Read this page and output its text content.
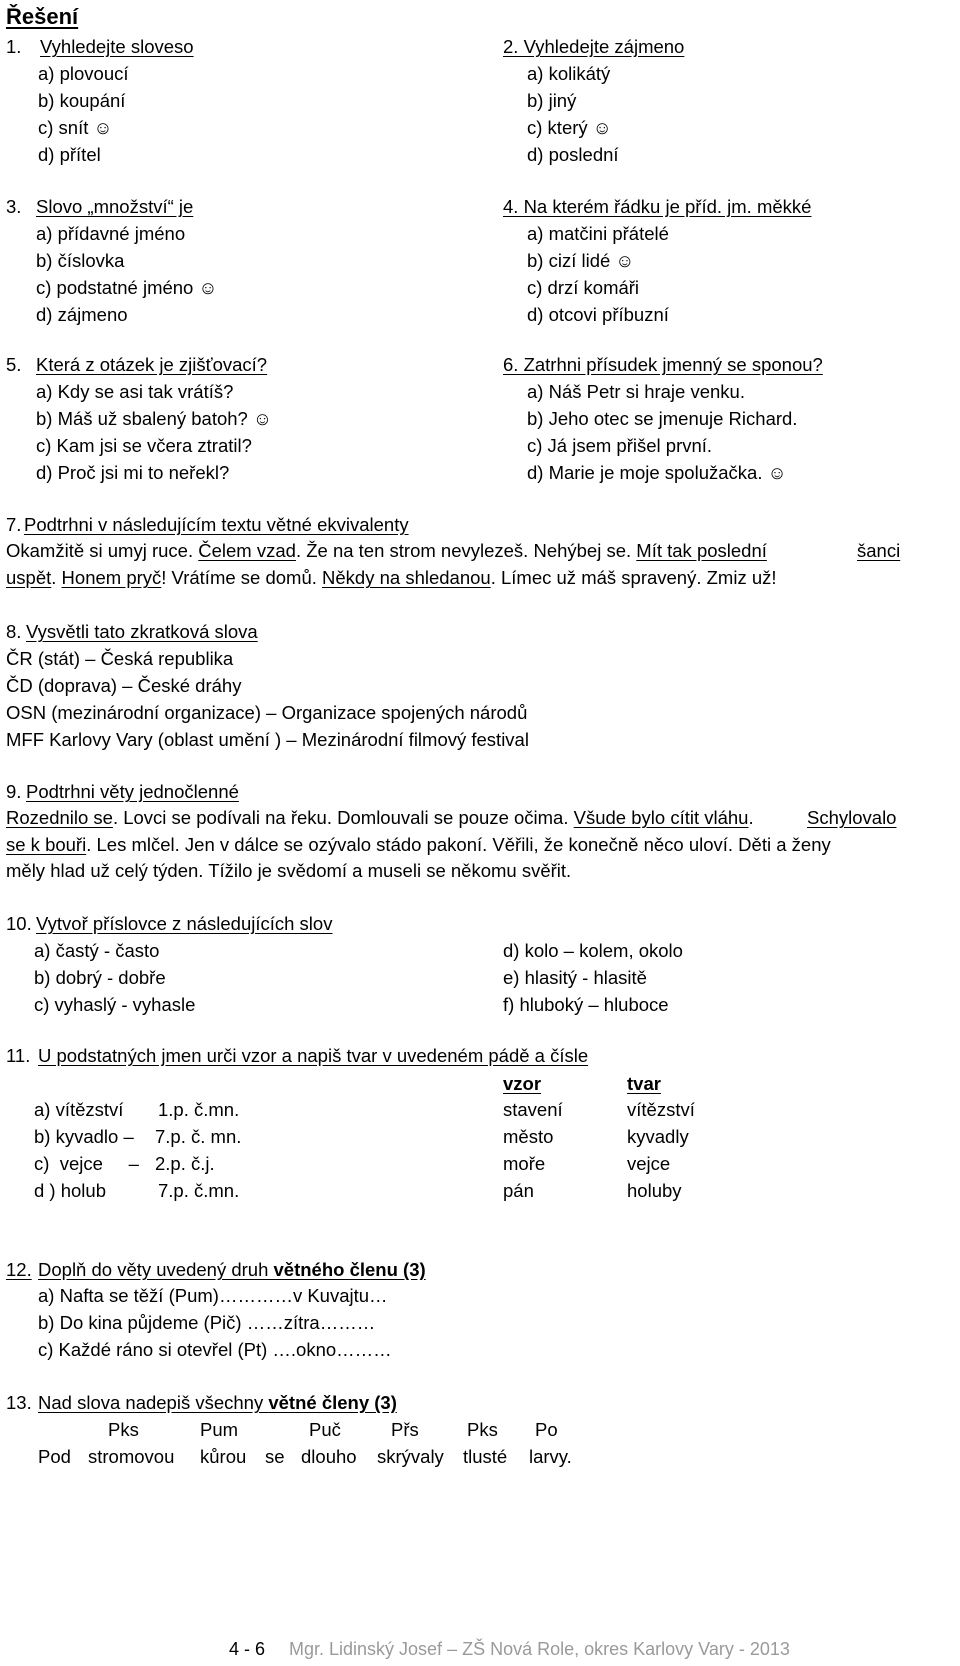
Řešení
1. Vyhledejte sloveso
a) plovoucí
b) koupání
c) snít ☺
d) přítel
2. Vyhledejte zájmeno
a) kolikátý
b) jiný
c) který ☺
d) poslední
3. Slovo „množství“ je
a) přídavné jméno
b) číslovka
c) podstatné jméno ☺
d) zájmeno
4. Na kterém řádku je příd. jm. měkké
a) matčini přátelé
b) cizí lidé ☺
c) drzí komáři
d) otcovi příbuzní
5. Která z otázek je zjišťovací?
a) Kdy se asi tak vrátíš?
b) Máš už sbalený batoh? ☺
c) Kam jsi se včera ztratil?
d) Proč jsi mi to neřekl?
6. Zatrhni přísudek jmenný se sponou?
a) Náš Petr si hraje venku.
b) Jeho otec se jmenuje Richard.
c) Já jsem přišel první.
d) Marie je moje spolužačka. ☺
7. Podtrhni v následujícím textu větné ekvivalenty
Okamžitě si umyj ruce. Čelem vzad. Že na ten strom nevylezeš. Nehýbej se. Mít tak poslední	šanci
uspět. Honem pryč! Vrátíme se domů. Někdy na shledanou. Límec už máš spravený. Zmiz už!
8. Vysvětli tato zkratková slova
ČR (stát) – Česká republika
ČD (doprava) – České dráhy
OSN (mezinárodní organizace) – Organizace spojených národů
MFF Karlovy Vary (oblast umění ) – Mezinárodní filmový festival
9. Podtrhni věty jednočlenné
Rozednilo se. Lovci se podívali na řeku. Domlouvali se pouze očima. Všude bylo cítit vláhu.	Schylovalo
se k bouři. Les mlčel. Jen v dálce se ozývalo stádo pakoní. Věřili, že konečně něco uloví. Děti a ženy
měly hlad už celý týden. Tížilo je svědomí a museli se někomu svěřit.
10. Vytvoř příslovce z následujících slov
a) častý - často
b) dobrý - dobře
c) vyhaslý - vyhasle
d) kolo – kolem, okolo
e) hlasitý - hlasitě
f) hluboký – hluboce
11. U podstatných jmen urči vzor a napiš tvar v uvedeném pádě a čísle
vzor	tvar
a) vítězství 1.p. č.mn.	stavení	vítězství
b) kyvadlo – 7.p. č. mn.	město	kyvadly
c)  vejce     – 2.p. č.j.	moře	vejce
d ) holub	7.p. č.mn.	pán	holuby
12. Doplň do věty uvedený druh větného členu (3)
a) Nafta se těží (Pum)…………v Kuvajtu…
b) Do kina půjdeme (Pič) ……zítra………
c) Každé ráno si otevřel (Pt) ….okno………
13. Nad slova nadepiš všechny větné členy (3)
Pks	Pum	Puč	Přs	Pks Po
Pod stromovou kůrou se dlouho skrývaly tlusté larvy.
4 - 6 Mgr. Lidinský Josef – ZŠ Nová Role, okres Karlovy Vary - 2013
